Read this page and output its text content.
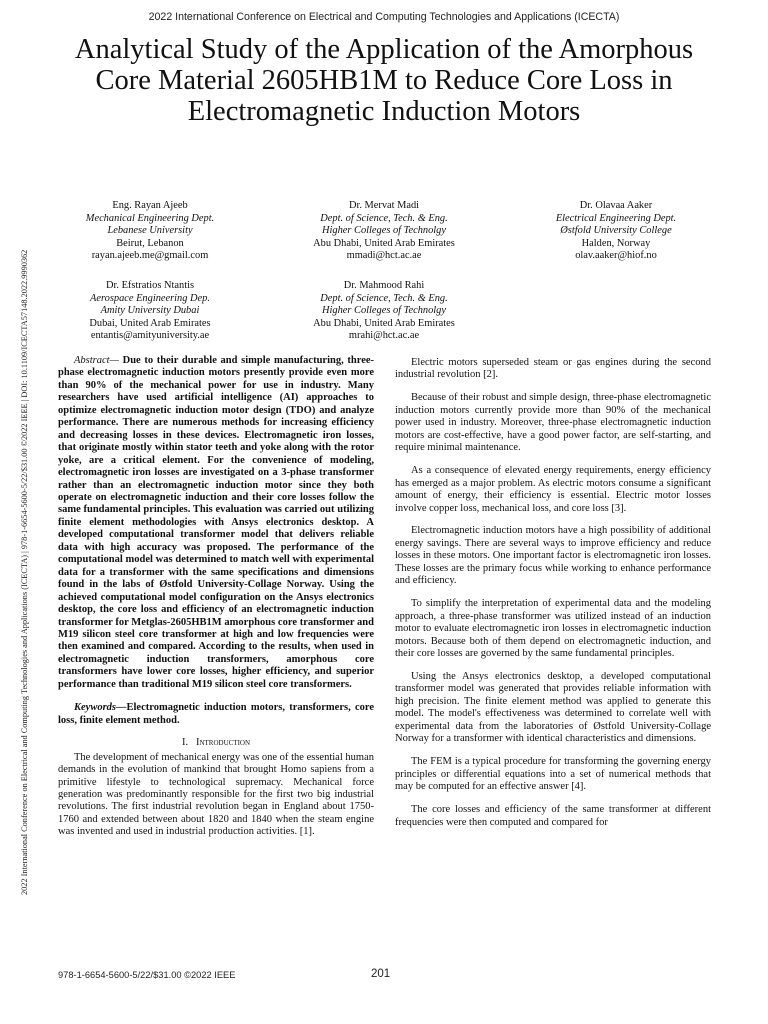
2022 International Conference on Electrical and Computing Technologies and Applications (ICECTA)
Analytical Study of the Application of the Amorphous Core Material 2605HB1M to Reduce Core Loss in Electromagnetic Induction Motors
2022 International Conference on Electrical and Computing Technologies and Applications (ICECTA) | 978-1-6654-5600-5/22/$31.00 ©2022 IEEE | DOI: 10.1109/ICECTA57148.2022.9990362
Eng. Rayan Ajeeb
Mechanical Engineering Dept.
Lebanese University
Beirut, Lebanon
rayan.ajeeb.me@gmail.com
Dr. Mervat Madi
Dept. of Science, Tech. & Eng.
Higher Colleges of Technolgy
Abu Dhabi, United Arab Emirates
mmadi@hct.ac.ae
Dr. Olavaa Aaker
Electrical Engineering Dept.
Østfold University College
Halden, Norway
olav.aaker@hiof.no
Dr. Efstratios Ntantis
Aerospace Engineering Dep.
Amity University Dubai
Dubai, United Arab Emirates
entantis@amityuniversity.ae
Dr. Mahmood Rahi
Dept. of Science, Tech. & Eng.
Higher Colleges of Technolgy
Abu Dhabi, United Arab Emirates
mrahi@hct.ac.ae

Abstract— Due to their durable and simple manufacturing, three-phase electromagnetic induction motors presently provide even more than 90% of the mechanical power for use in industry. Many researchers have used artificial intelligence (AI) approaches to optimize electromagnetic induction motor design (TDO) and analyze performance. There are numerous methods for increasing efficiency and decreasing losses in these devices. Electromagnetic iron losses, that originate mostly within stator teeth and yoke along with the rotor yoke, are a critical element. For the convenience of modeling, electromagnetic iron losses are investigated on a 3-phase transformer rather than an electromagnetic induction motor since they both operate on electromagnetic induction and their core losses follow the same fundamental principles. This evaluation was carried out utilizing finite element methodologies with Ansys electronics desktop. A developed computational transformer model that delivers reliable data with high accuracy was proposed. The performance of the computational model was determined to match well with experimental data for a transformer with the same specifications and dimensions found in the labs of Østfold University-Collage Norway. Using the achieved computational model configuration on the Ansys electronics desktop, the core loss and efficiency of an electromagnetic induction transformer for Metglas-2605HB1M amorphous core transformer and M19 silicon steel core transformer at high and low frequencies were then examined and compared. According to the results, when used in electromagnetic induction transformers, amorphous core transformers have lower core losses, higher efficiency, and superior performance than traditional M19 silicon steel core transformers.

Keywords—Electromagnetic induction motors, transformers, core loss, finite element method.

I. Introduction

The development of mechanical energy was one of the essential human demands in the evolution of mankind that brought Homo sapiens from a primitive lifestyle to technological supremacy. Mechanical force generation was predominantly responsible for the first two big industrial revolutions. The first industrial revolution began in England about 1750-1760 and extended between about 1820 and 1840 when the steam engine was invented and used in industrial production activities. [1].

Electric motors superseded steam or gas engines during the second industrial revolution [2].

Because of their robust and simple design, three-phase electromagnetic induction motors currently provide more than 90% of the mechanical power used in industry. Moreover, three-phase electromagnetic induction motors are cost-effective, have a good power factor, are self-starting, and require minimal maintenance.

As a consequence of elevated energy requirements, energy efficiency has emerged as a major problem. As electric motors consume a significant amount of energy, their efficiency is essential. Electric motor losses involve copper loss, mechanical loss, and core loss [3].

Electromagnetic induction motors have a high possibility of additional energy savings. There are several ways to improve efficiency and reduce losses in these motors. One important factor is electromagnetic iron losses. These losses are the primary focus while working to enhance performance and efficiency.

To simplify the interpretation of experimental data and the modeling approach, a three-phase transformer was utilized instead of an induction motor to evaluate electromagnetic iron losses in electromagnetic induction motors. Because both of them depend on electromagnetic induction, and their core losses are governed by the same fundamental principles.

Using the Ansys electronics desktop, a developed computational transformer model was generated that provides reliable information with high precision. The finite element method was applied to generate this model. The model's effectiveness was determined to correlate well with experimental data from the laboratories of Østfold University-Collage Norway for a transformer with identical characteristics and dimensions.

The FEM is a typical procedure for transforming the governing energy principles or differential equations into a set of numerical methods that may be computed for an effective answer [4].

The core losses and efficiency of the same transformer at different frequencies were then computed and compared for

978-1-6654-5600-5/22/$31.00 ©2022 IEEE	201
